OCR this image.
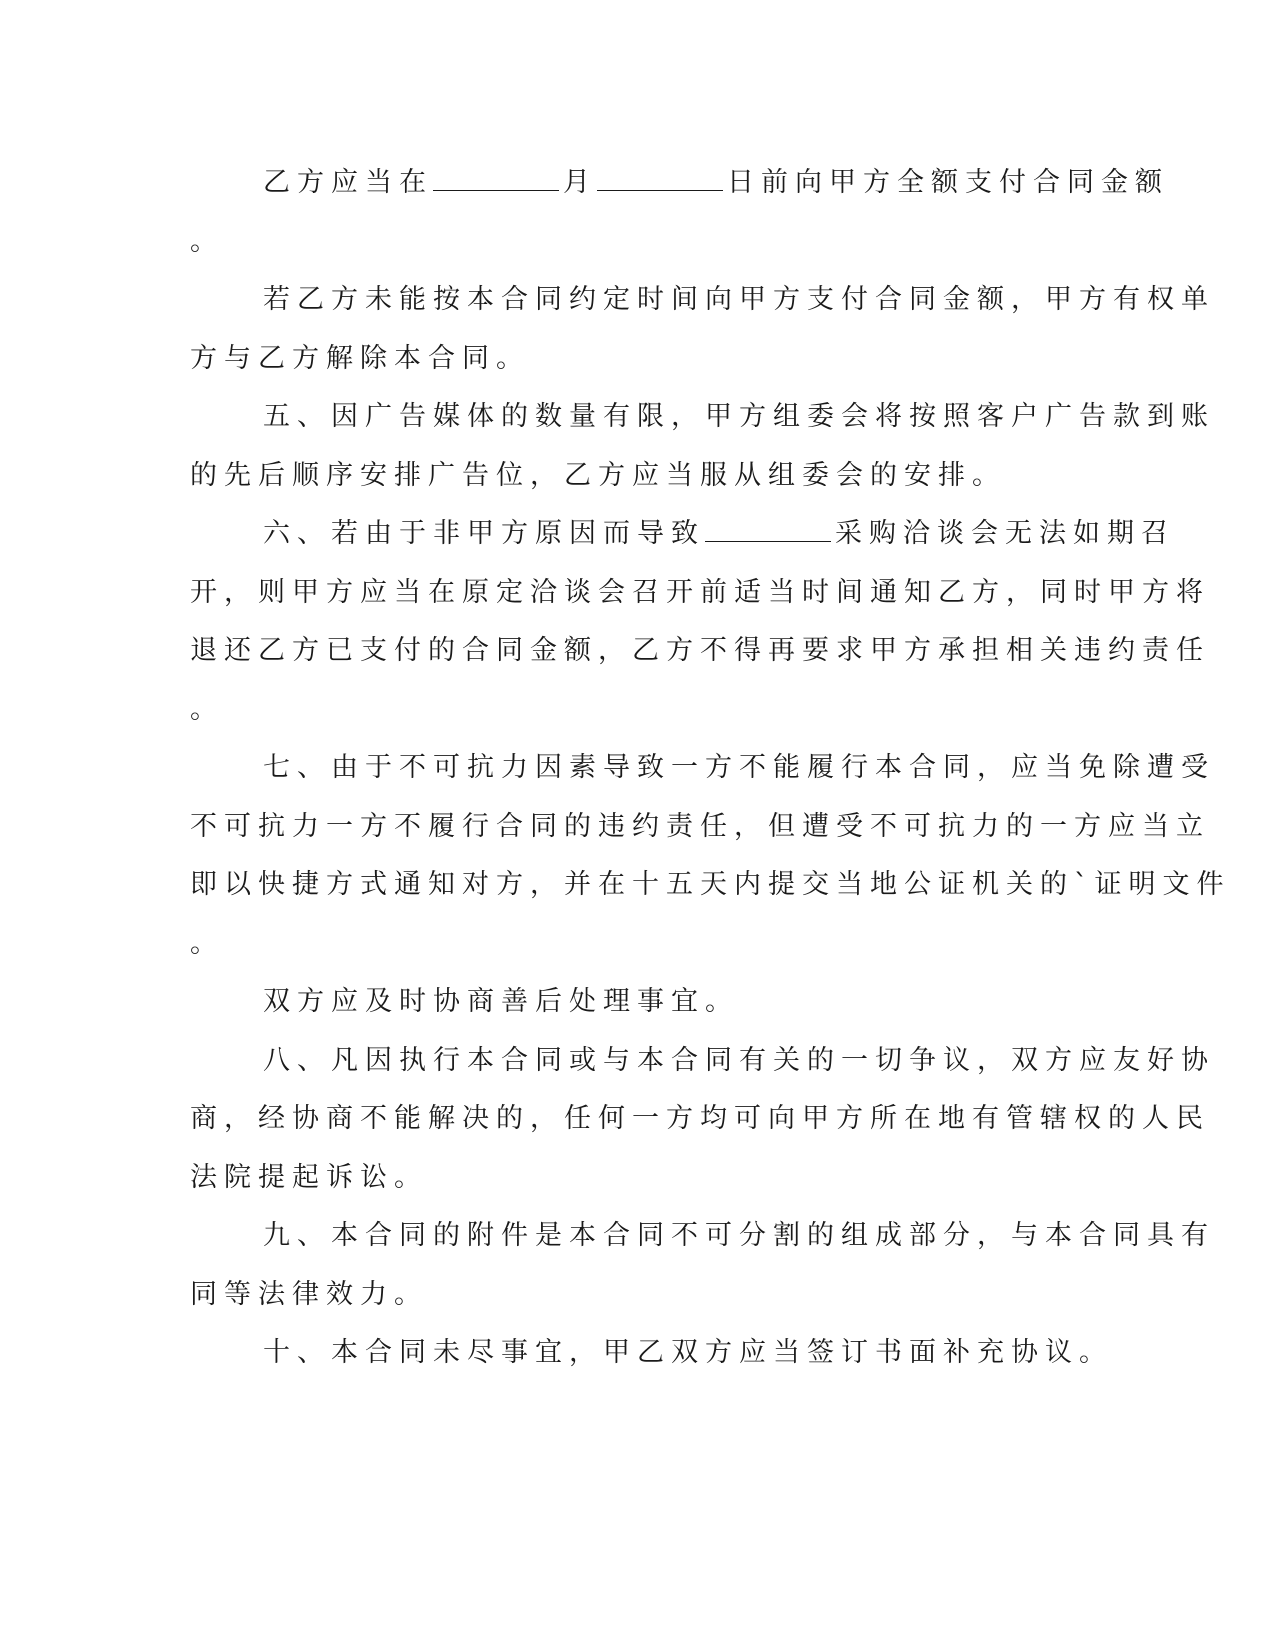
乙方应当在	月	日前向甲方全额支付合同金额
。
若乙方未能按本合同约定时间向甲方支付合同金额，甲方有权单
方与乙方解除本合同。
五、因广告媒体的数量有限，甲方组委会将按照客户广告款到账
的先后顺序安排广告位，乙方应当服从组委会的安排。
六、若由于非甲方原因而导致	采购洽谈会无法如期召
开，则甲方应当在原定洽谈会召开前适当时间通知乙方，同时甲方将
退还乙方已支付的合同金额，乙方不得再要求甲方承担相关违约责任
。
七、由于不可抗力因素导致一方不能履行本合同，应当免除遭受
不可抗力一方不履行合同的违约责任，但遭受不可抗力的一方应当立
即以快捷方式通知对方，并在十五天内提交当地公证机关的`证明文件
。
双方应及时协商善后处理事宜。
八、凡因执行本合同或与本合同有关的一切争议，双方应友好协
商，经协商不能解决的，任何一方均可向甲方所在地有管辖权的人民
法院提起诉讼。
九、本合同的附件是本合同不可分割的组成部分，与本合同具有
同等法律效力。
十、本合同未尽事宜，甲乙双方应当签订书面补充协议。
